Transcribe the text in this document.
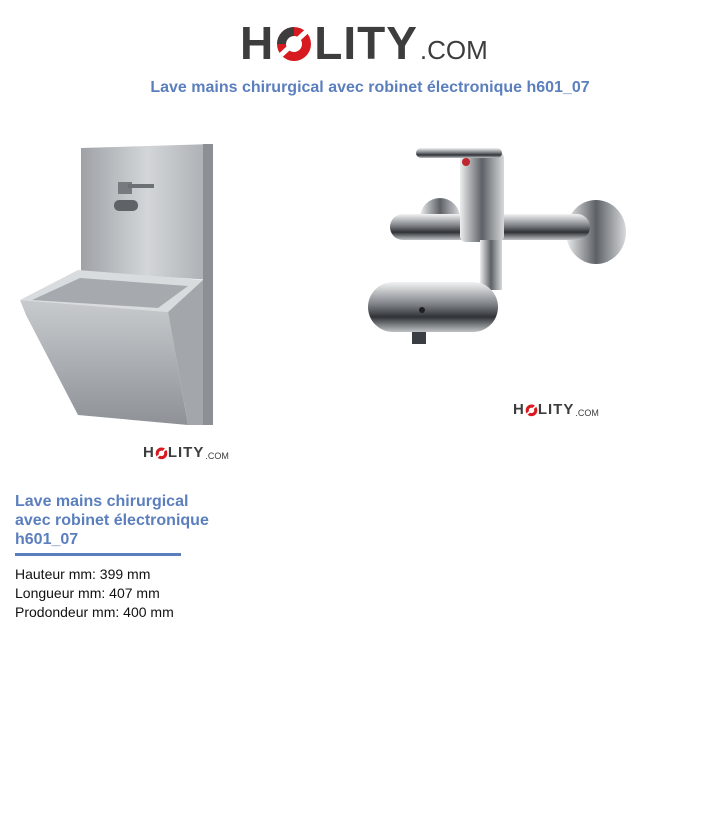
H LITY .COM
Lave mains chirurgical avec robinet électronique h601_07
H LITY .COM
H LITY .COM
Lave mains chirurgical avec robinet électronique h601_07
Hauteur mm: 399 mm
Longueur mm: 407 mm
Prodondeur mm: 400 mm
